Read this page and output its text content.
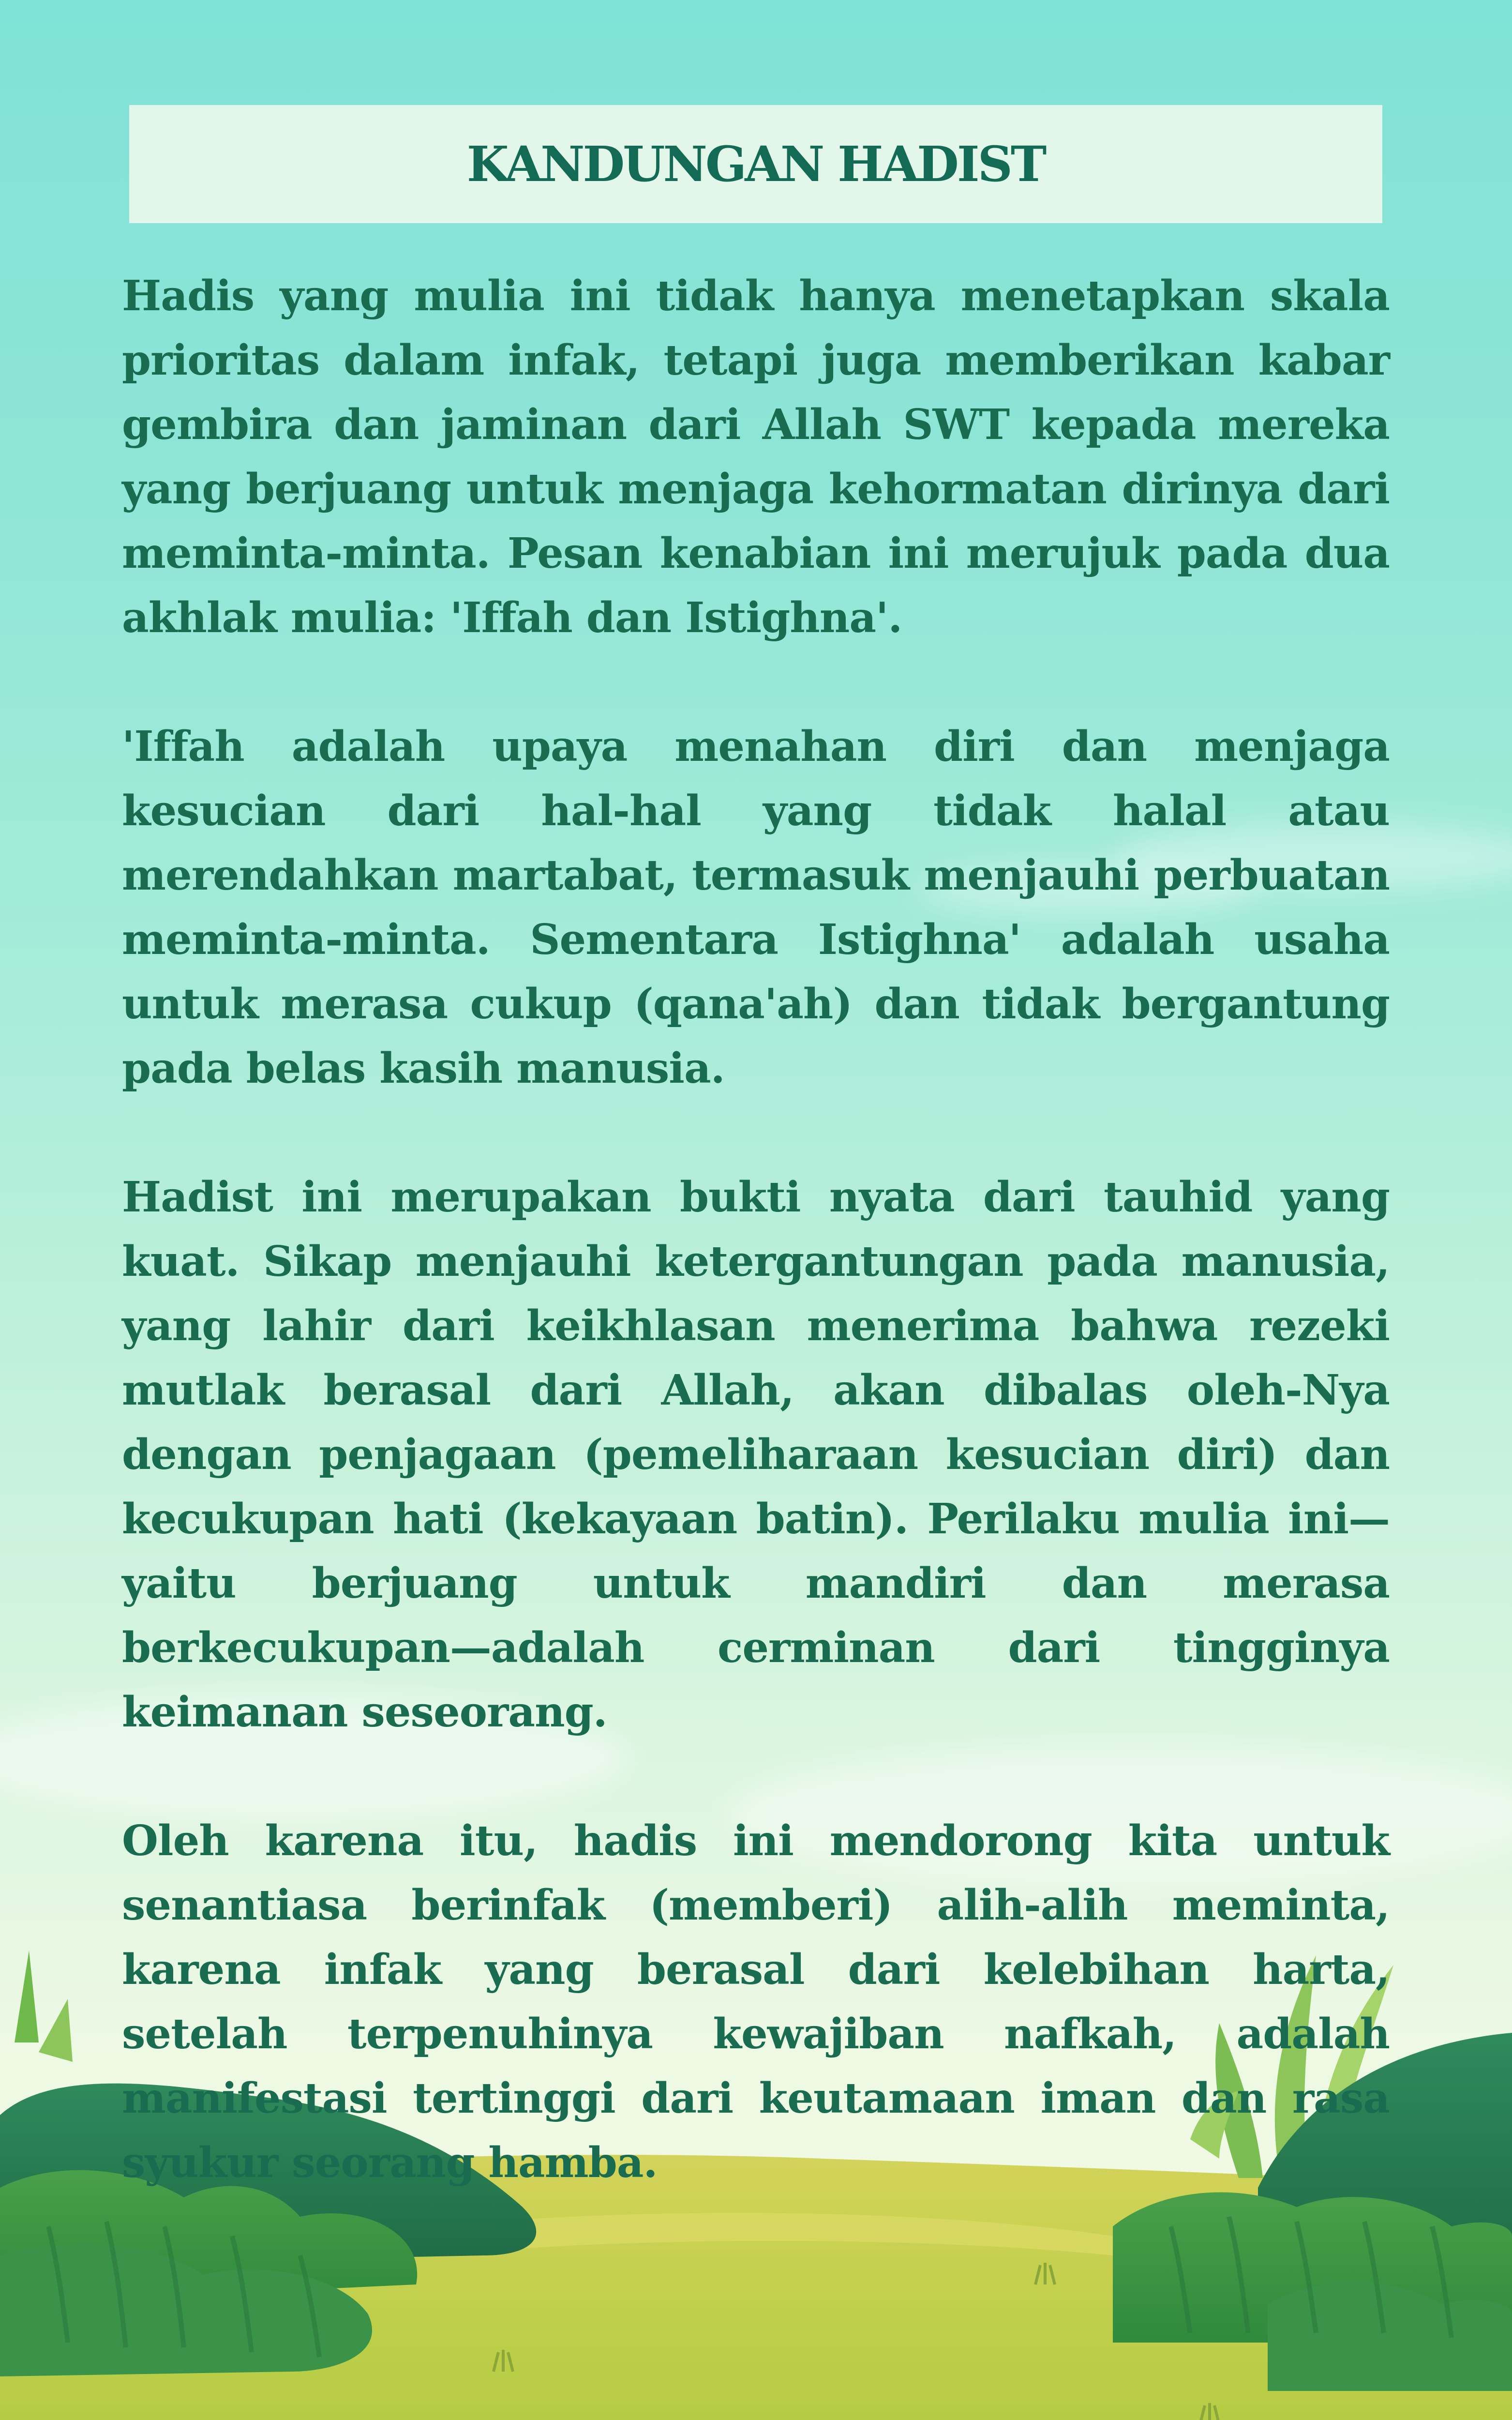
KANDUNGAN HADIST

Hadis yang mulia ini tidak hanya menetapkan skala prioritas dalam infak, tetapi juga memberikan kabar gembira dan jaminan dari Allah SWT kepada mereka yang berjuang untuk menjaga kehormatan dirinya dari meminta-minta. Pesan kenabian ini merujuk pada dua akhlak mulia: 'Iffah dan Istighna'.

'Iffah adalah upaya menahan diri dan menjaga kesucian dari hal-hal yang tidak halal atau merendahkan martabat, termasuk menjauhi perbuatan meminta-minta. Sementara Istighna' adalah usaha untuk merasa cukup (qana'ah) dan tidak bergantung pada belas kasih manusia.

Hadist ini merupakan bukti nyata dari tauhid yang kuat. Sikap menjauhi ketergantungan pada manusia, yang lahir dari keikhlasan menerima bahwa rezeki mutlak berasal dari Allah, akan dibalas oleh-Nya dengan penjagaan (pemeliharaan kesucian diri) dan kecukupan hati (kekayaan batin). Perilaku mulia ini—yaitu berjuang untuk mandiri dan merasa berkecukupan—adalah cerminan dari tingginya keimanan seseorang.

Oleh karena itu, hadis ini mendorong kita untuk senantiasa berinfak (memberi) alih-alih meminta, karena infak yang berasal dari kelebihan harta, setelah terpenuhinya kewajiban nafkah, adalah manifestasi tertinggi dari keutamaan iman dan rasa syukur seorang hamba.
